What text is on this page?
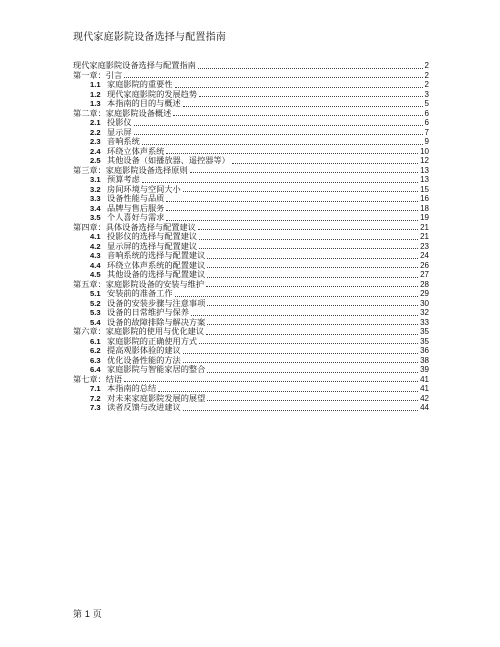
现代家庭影院设备选择与配置指南
现代家庭影院设备选择与配置指南	2
第一章：引言	2
1.1 家庭影院的重要性	2
1.2 现代家庭影院的发展趋势	3
1.3 本指南的目的与概述	5
第二章：家庭影院设备概述	6
2.1 投影仪	6
2.2 显示屏	7
2.3 音响系统	9
2.4 环绕立体声系统	10
2.5 其他设备（如播放器、遥控器等）	12
第三章：家庭影院设备选择原则	13
3.1 预算考虑	13
3.2 房间环境与空间大小	15
3.3 设备性能与品质	16
3.4 品牌与售后服务	18
3.5 个人喜好与需求	19
第四章：具体设备选择与配置建议	21
4.1 投影仪的选择与配置建议	21
4.2 显示屏的选择与配置建议	23
4.3 音响系统的选择与配置建议	24
4.4 环绕立体声系统的配置建议	26
4.5 其他设备的选择与配置建议	27
第五章：家庭影院设备的安装与维护	28
5.1 安装前的准备工作	29
5.2 设备的安装步骤与注意事项	30
5.3 设备的日常维护与保养	32
5.4 设备的故障排除与解决方案	33
第六章：家庭影院的使用与优化建议	35
6.1 家庭影院的正确使用方式	35
6.2 提高观影体验的建议	36
6.3 优化设备性能的方法	38
6.4 家庭影院与智能家居的整合	39
第七章：结语	41
7.1 本指南的总结	41
7.2 对未来家庭影院发展的展望	42
7.3 读者反馈与改进建议	44
第 1 页
